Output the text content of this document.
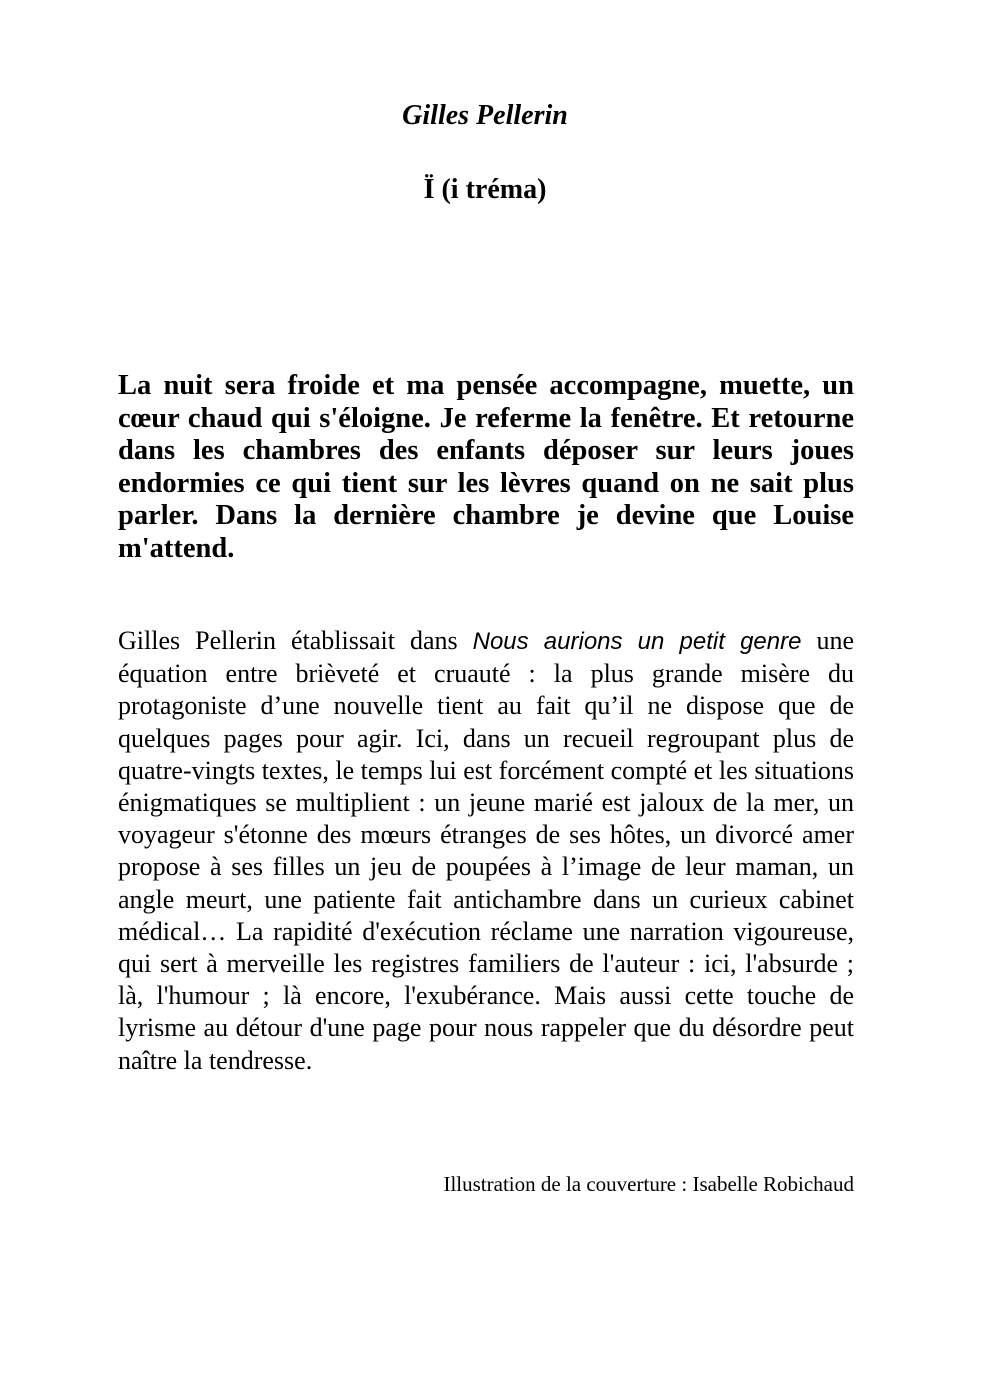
Gilles Pellerin
Ï (i tréma)

La nuit sera froide et ma pensée accompagne, muette, un cœur chaud qui s'éloigne. Je referme la fenêtre. Et retourne dans les chambres des enfants déposer sur leurs joues endormies ce qui tient sur les lèvres quand on ne sait plus parler. Dans la dernière chambre je devine que Louise m'attend.

Gilles Pellerin établissait dans Nous aurions un petit genre une équation entre brièveté et cruauté : la plus grande misère du protagoniste d’une nouvelle tient au fait qu’il ne dispose que de quelques pages pour agir. Ici, dans un recueil regroupant plus de quatre-vingts textes, le temps lui est forcément compté et les situations énigmatiques se multiplient : un jeune marié est jaloux de la mer, un voyageur s'étonne des mœurs étranges de ses hôtes, un divorcé amer propose à ses filles un jeu de poupées à l’image de leur maman, un angle meurt, une patiente fait antichambre dans un curieux cabinet médical… La rapidité d'exécution réclame une narration vigoureuse, qui sert à merveille les registres familiers de l'auteur : ici, l'absurde ; là, l'humour ; là encore, l'exubérance. Mais aussi cette touche de lyrisme au détour d'une page pour nous rappeler que du désordre peut naître la tendresse.

Illustration de la couverture : Isabelle Robichaud
